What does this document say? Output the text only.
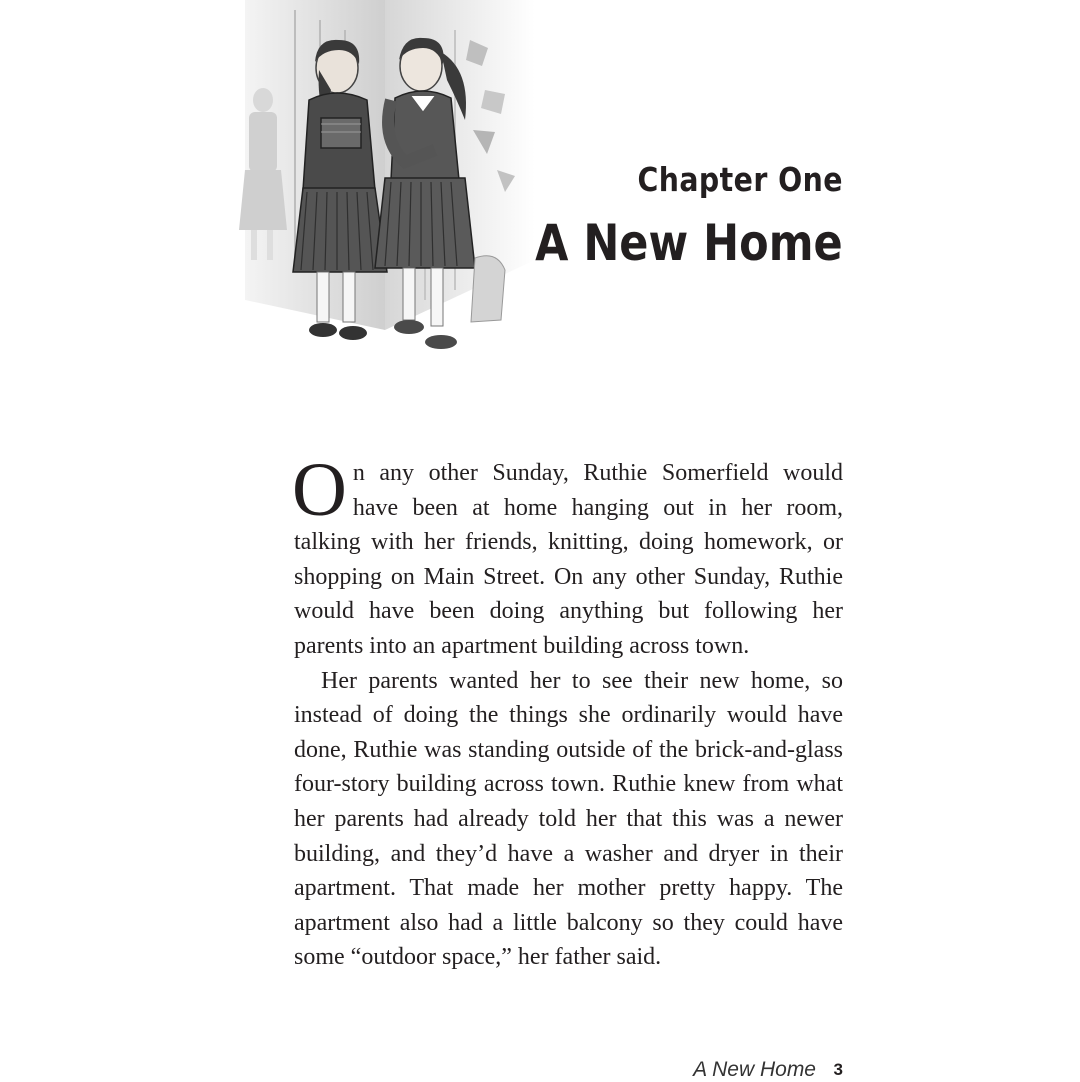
Chapter One
A New Home

On any other Sunday, Ruthie Somerfield would have been at home hanging out in her room, talking with her friends, knitting, doing homework, or shopping on Main Street. On any other Sunday, Ruthie would have been doing anything but following her parents into an apartment building across town.

Her parents wanted her to see their new home, so instead of doing the things she ordinarily would have done, Ruthie was standing outside of the brick-and-glass four-story building across town. Ruthie knew from what her parents had already told her that this was a newer building, and they’d have a washer and dryer in their apartment. That made her mother pretty happy. The apartment also had a little balcony so they could have some “outdoor space,” her father said.

A New Home 3
